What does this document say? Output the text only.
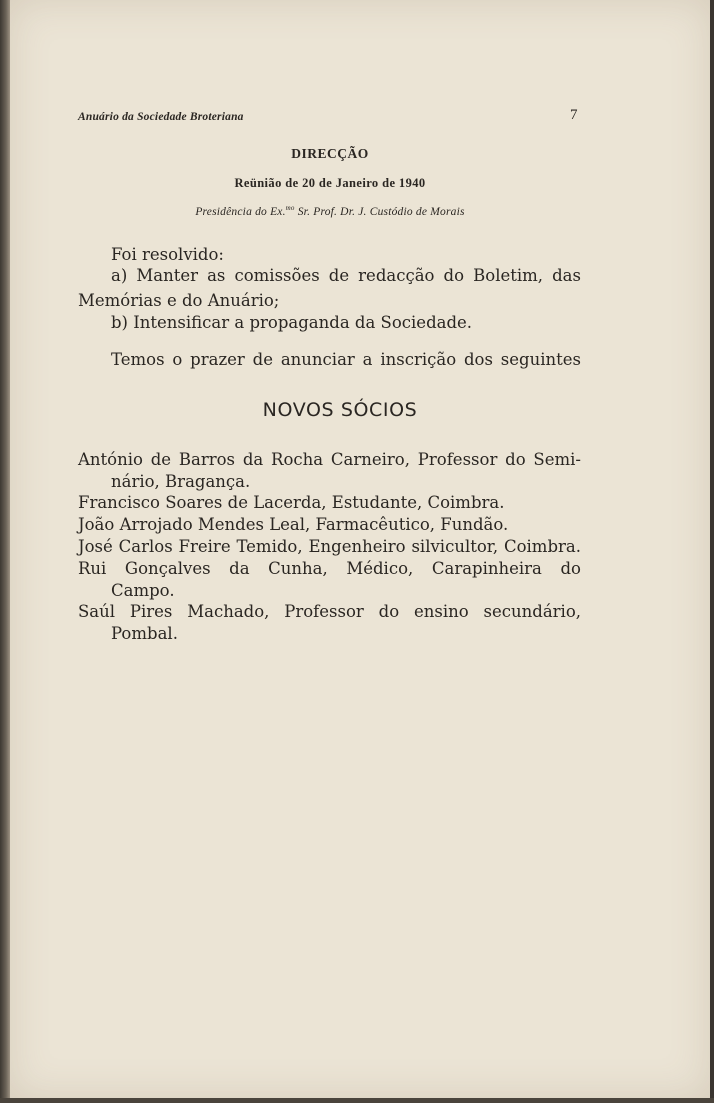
Anuário da Sociedade Broteriana	7
DIRECÇÃO
Reünião de 20 de Janeiro de 1940
Presidência do Ex.$^{mo}$ Sr. Prof. Dr. J. Custódio de Morais
Foi resolvido:
a) Manter as comissões de redacção do Boletim, das
Memórias e do Anuário;
b) Intensificar a propaganda da Sociedade.
Temos o prazer de anunciar a inscrição dos seguintes
NOVOS SÓCIOS
António de Barros da Rocha Carneiro, Professor do Semi-
nário, Bragança.
Francisco Soares de Lacerda, Estudante, Coimbra.
João Arrojado Mendes Leal, Farmacêutico, Fundão.
José Carlos Freire Temido, Engenheiro silvicultor, Coimbra.
Rui Gonçalves da Cunha, Médico, Carapinheira do
Campo.
Saúl Pires Machado, Professor do ensino secundário,
Pombal.
